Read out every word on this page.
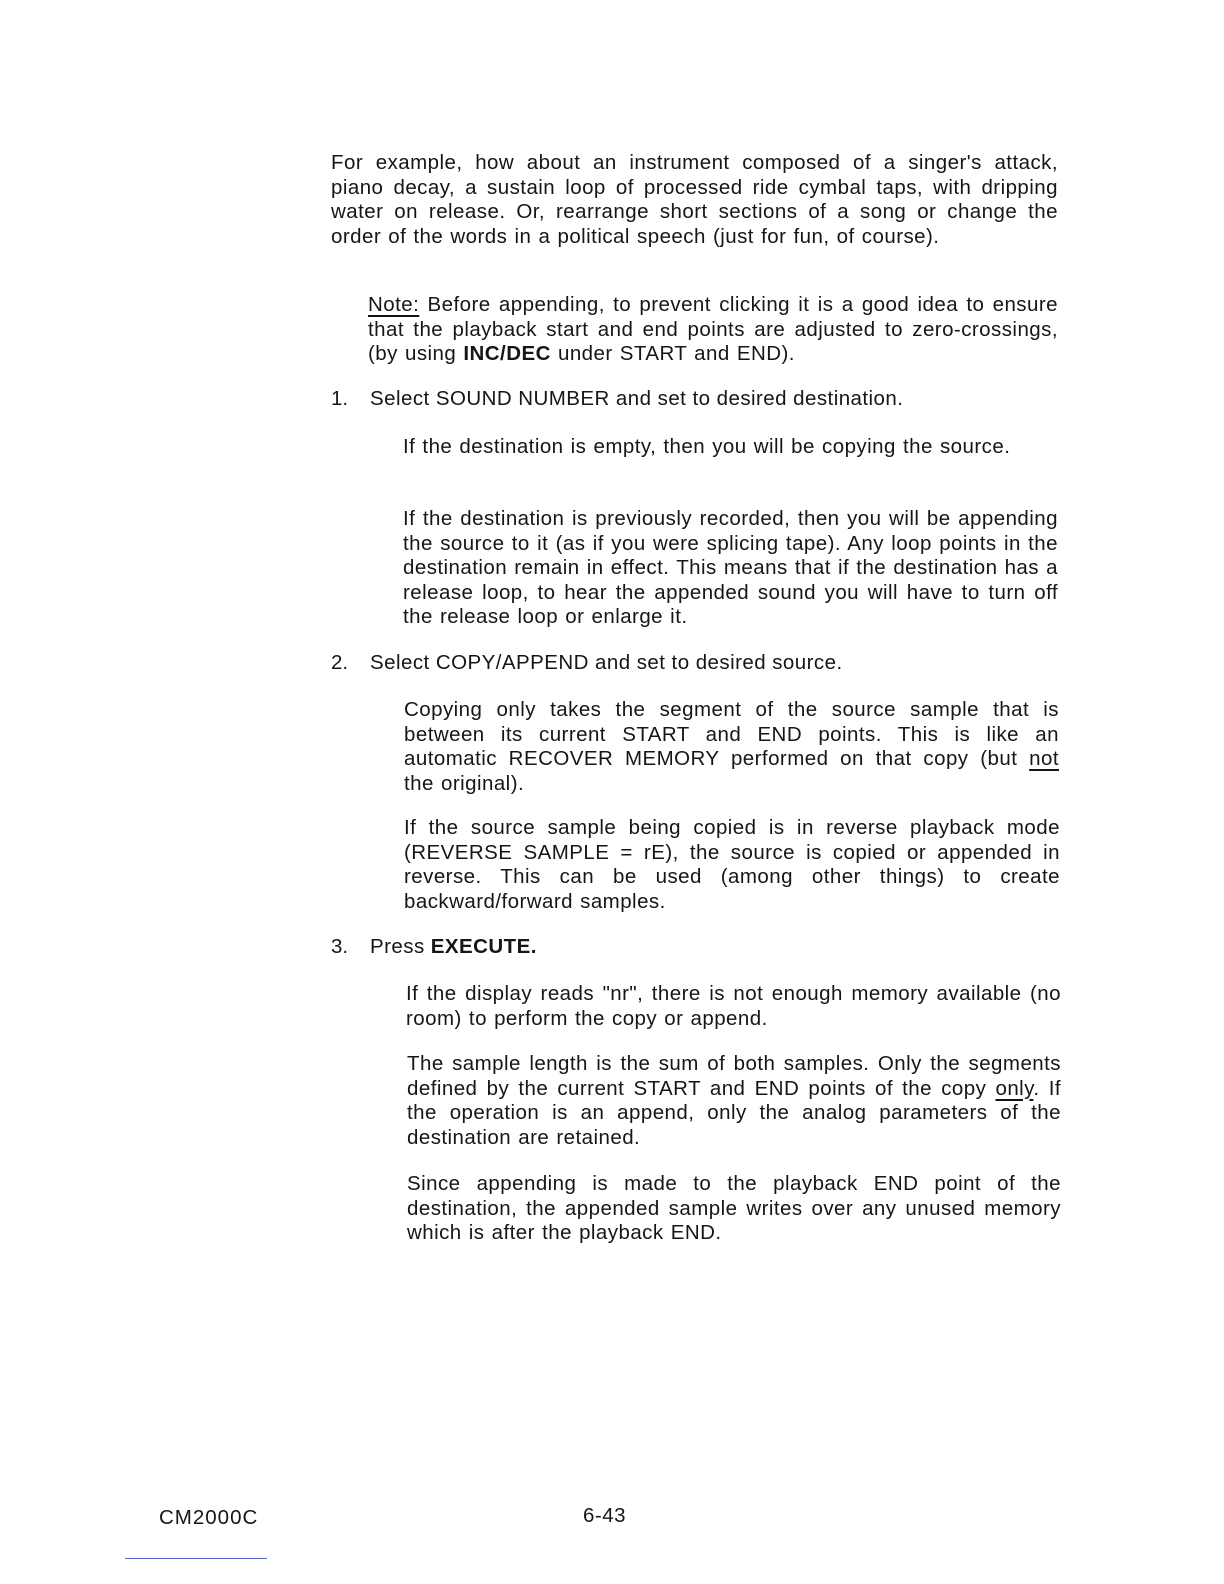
For example, how about an instrument composed of a singer's attack, piano decay, a sustain loop of processed ride cymbal taps, with dripping water on release. Or, rearrange short sections of a song or change the order of the words in a political speech (just for fun, of course).
Note: Before appending, to prevent clicking it is a good idea to ensure that the playback start and end points are adjusted to zero-crossings, (by using INC/DEC under START and END).
1.	Select SOUND NUMBER and set to desired destination.
If the destination is empty, then you will be copying the source.
If the destination is previously recorded, then you will be appending the source to it (as if you were splicing tape). Any loop points in the destination remain in effect. This means that if the destination has a release loop, to hear the appended sound you will have to turn off the release loop or enlarge it.
2.	Select COPY/APPEND and set to desired source.
Copying only takes the segment of the source sample that is between its current START and END points. This is like an automatic RECOVER MEMORY performed on that copy (but not the original).
If the source sample being copied is in reverse playback mode (REVERSE SAMPLE = rE), the source is copied or appended in reverse. This can be used (among other things) to create backward/forward samples.
3.	Press EXECUTE.
If the display reads "nr", there is not enough memory available (no room) to perform the copy or append.
The sample length is the sum of both samples. Only the segments defined by the current START and END points of the copy only. If the operation is an append, only the analog parameters of the destination are retained.
Since appending is made to the playback END point of the destination, the appended sample writes over any unused memory which is after the playback END.
CM2000C	6-43
